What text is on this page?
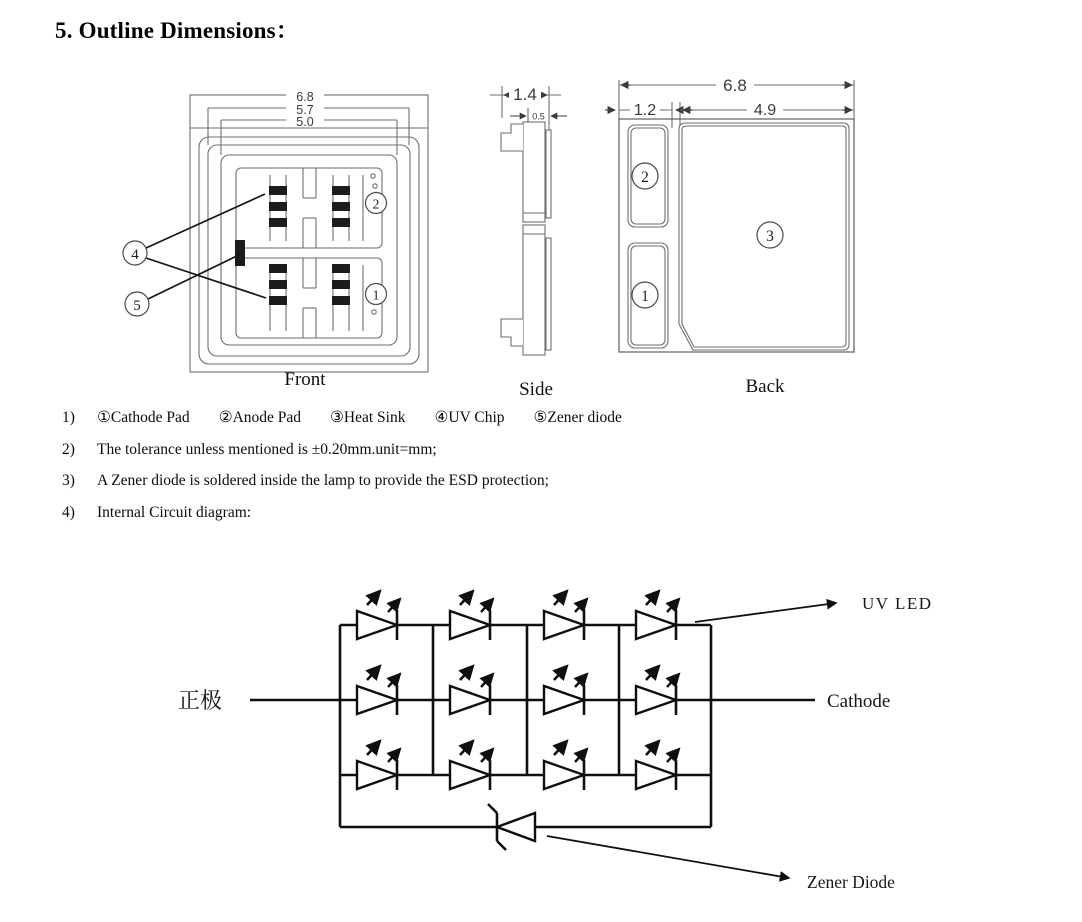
5. Outline Dimensions：
6.8
5.7
5.0
4
5
2
1
1.4
0.5
6.8
1.2	4.9
2
1
3
Front	Side	Back
1)	①Cathode Pad ②Anode Pad ③Heat Sink ④UV Chip ⑤Zener diode
2)	The tolerance unless mentioned is ±0.20mm.unit=mm;
3)	A Zener diode is soldered inside the lamp to provide the ESD protection;
4)	Internal Circuit diagram:
UV LED
Zener Diode
正极	Cathode
